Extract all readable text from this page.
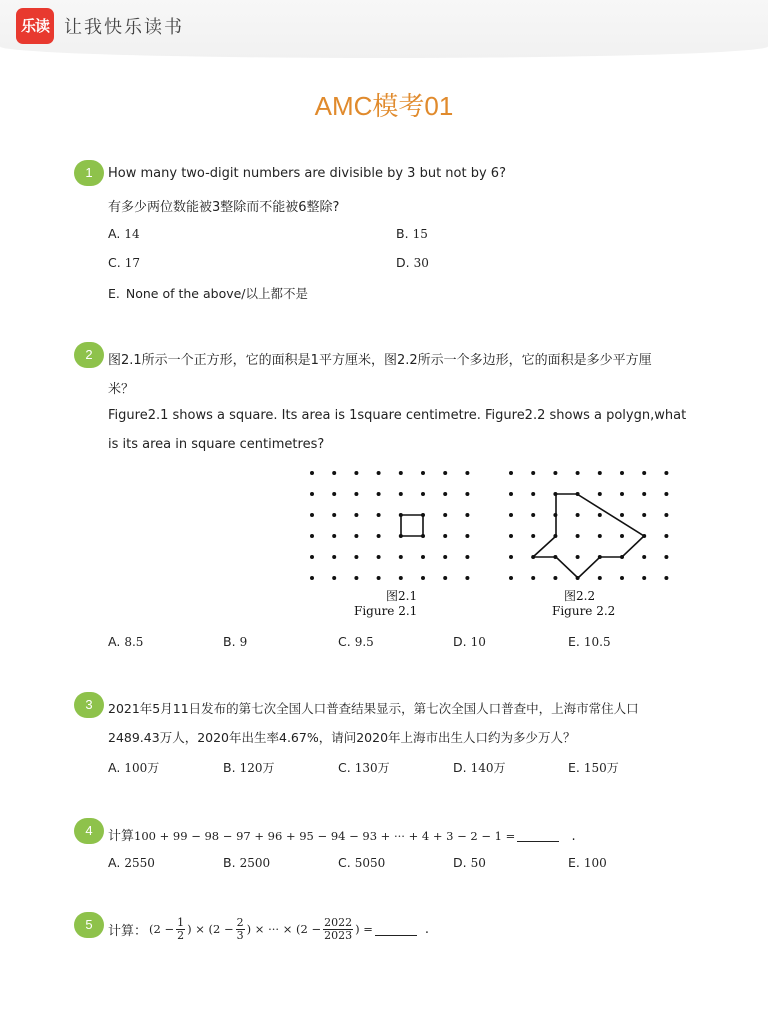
乐读 让我快乐读书
AMC模考01
1	How many two-digit numbers are divisible by 3 but not by 6?
有多少两位数能被3整除而不能被6整除?
A. 14	B. 15
C. 17	D. 30
E. None of the above/以上都不是
2	图2.1所示一个正方形，它的面积是1平方厘米，图2.2所示一个多边形，它的面积是多少平方厘
米？
Figure2.1 shows a square. Its area is 1square centimetre. Figure2.2 shows a polygn,what
is its area in square centimetres?
图2.1
Figure 2.1
图2.2
Figure 2.2
A. 8.5	B. 9	C. 9.5	D. 10	E. 10.5
3	2021年5月11日发布的第七次全国人口普查结果显示，第七次全国人口普查中，上海市常住人口
2489.43万人，2020年出生率4.67%，请问2020年上海市出生人口约为多少万人？
A. 100万	B. 120万	C. 130万	D. 140万	E. 150万
4	计算100 + 99 − 98 − 97 + 96 + 95 − 94 − 93 + ··· + 4 + 3 − 2 − 1 =	.
A. 2550	B. 2500	C. 5050	D. 50	E. 100
5	计算： ($2 - \frac{1}{2}$ ) × ($2 - \frac{2}{3}$ ) × ··· × ($2 - \frac{2022}{2023}$ ) =	.
